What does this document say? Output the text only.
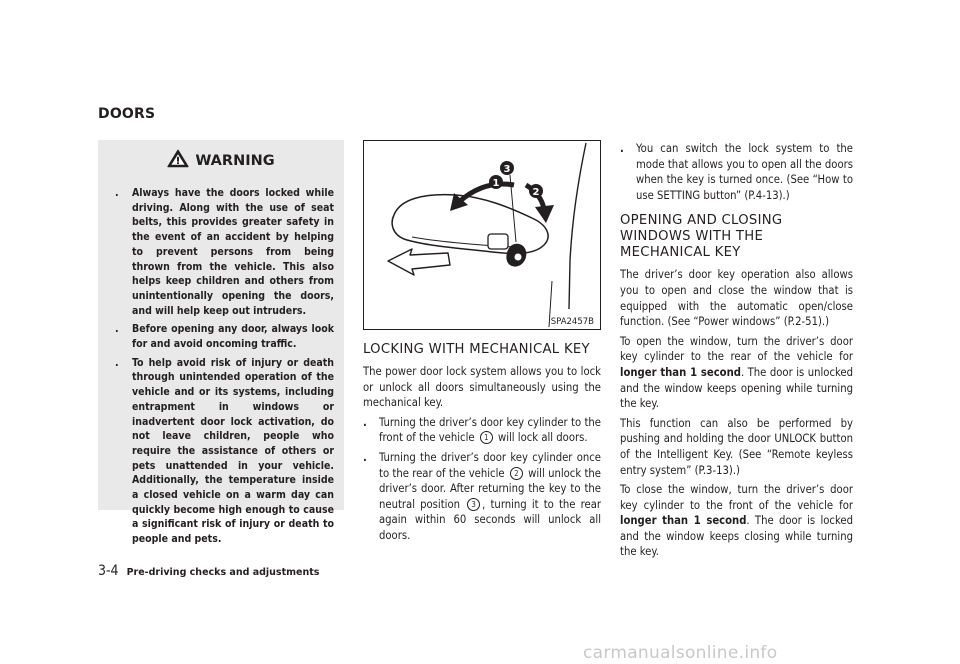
DOORS
WARNING
. Always have the doors locked while driving. Along with the use of seat belts, this provides greater safety in the event of an accident by helping to prevent persons from being thrown from the vehicle. This also helps keep children and others from unintentionally opening the doors, and will help keep out intruders.
. Before opening any door, always look for and avoid oncoming traffic.
. To help avoid risk of injury or death through unintended operation of the vehicle and or its systems, including entrapment in windows or inadvertent door lock activation, do not leave children, people who require the assistance of others or pets unattended in your vehicle. Additionally, the temperature inside a closed vehicle on a warm day can quickly become high enough to cause a significant risk of injury or death to people and pets.
1
3
2
SPA2457B
LOCKING WITH MECHANICAL KEY

The power door lock system allows you to lock or unlock all doors simultaneously using the mechanical key.

. Turning the driver’s door key cylinder to the front of the vehicle 1 will lock all doors.
. Turning the driver’s door key cylinder once to the rear of the vehicle 2 will unlock the driver’s door. After returning the key to the neutral position 3 , turning it to the rear again within 60 seconds will unlock all doors.
. You can switch the lock system to the mode that allows you to open all the doors when the key is turned once. (See “How to use SETTING button” (P.4-13).)
OPENING AND CLOSING WINDOWS WITH THE MECHANICAL KEY

The driver’s door key operation also allows you to open and close the window that is equipped with the automatic open/close function. (See “Power windows” (P.2-51).)

To open the window, turn the driver’s door key cylinder to the rear of the vehicle for longer than 1 second. The door is unlocked and the window keeps opening while turning the key.

This function can also be performed by pushing and holding the door UNLOCK button of the Intelligent Key. (See “Remote keyless entry system” (P.3-13).)

To close the window, turn the driver’s door key cylinder to the front of the vehicle for longer than 1 second. The door is locked and the window keeps closing while turning the key.

3-4 Pre-driving checks and adjustments
carmanualsonline.info
